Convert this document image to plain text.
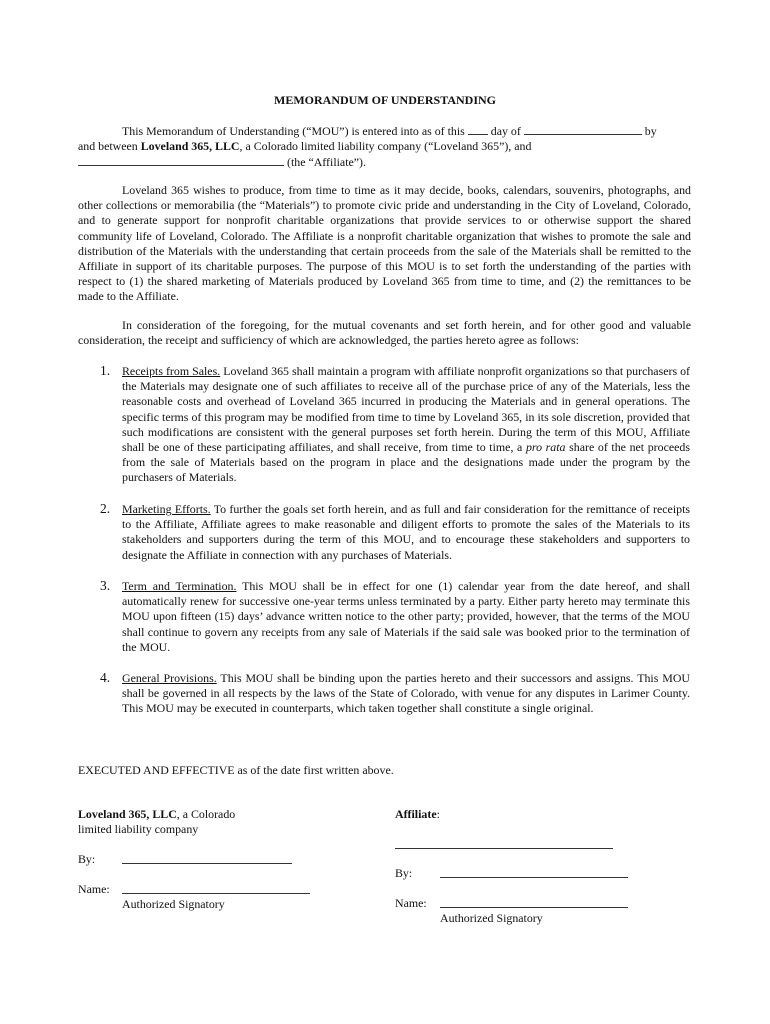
MEMORANDUM OF UNDERSTANDING
This Memorandum of Understanding (“MOU”) is entered into as of this day of	by
and between Loveland 365, LLC, a Colorado limited liability company (“Loveland 365”), and
(the “Affiliate”).
Loveland 365 wishes to produce, from time to time as it may decide, books, calendars, souvenirs, photographs, and other collections or memorabilia (the “Materials”) to promote civic pride and understanding in the City of Loveland, Colorado, and to generate support for nonprofit charitable organizations that provide services to or otherwise support the shared community life of Loveland, Colorado. The Affiliate is a nonprofit charitable organization that wishes to promote the sale and distribution of the Materials with the understanding that certain proceeds from the sale of the Materials shall be remitted to the Affiliate in support of its charitable purposes. The purpose of this MOU is to set forth the understanding of the parties with respect to (1) the shared marketing of Materials produced by Loveland 365 from time to time, and (2) the remittances to be made to the Affiliate.
In consideration of the foregoing, for the mutual covenants and set forth herein, and for other good and valuable consideration, the receipt and sufficiency of which are acknowledged, the parties hereto agree as follows:
1. Receipts from Sales. Loveland 365 shall maintain a program with affiliate nonprofit organizations so that purchasers of the Materials may designate one of such affiliates to receive all of the purchase price of any of the Materials, less the reasonable costs and overhead of Loveland 365 incurred in producing the Materials and in general operations. The specific terms of this program may be modified from time to time by Loveland 365, in its sole discretion, provided that such modifications are consistent with the general purposes set forth herein. During the term of this MOU, Affiliate shall be one of these participating affiliates, and shall receive, from time to time, a pro rata share of the net proceeds from the sale of Materials based on the program in place and the designations made under the program by the purchasers of Materials.
2. Marketing Efforts. To further the goals set forth herein, and as full and fair consideration for the remittance of receipts to the Affiliate, Affiliate agrees to make reasonable and diligent efforts to promote the sales of the Materials to its stakeholders and supporters during the term of this MOU, and to encourage these stakeholders and supporters to designate the Affiliate in connection with any purchases of Materials.
3. Term and Termination. This MOU shall be in effect for one (1) calendar year from the date hereof, and shall automatically renew for successive one-year terms unless terminated by a party. Either party hereto may terminate this MOU upon fifteen (15) days’ advance written notice to the other party; provided, however, that the terms of the MOU shall continue to govern any receipts from any sale of Materials if the said sale was booked prior to the termination of the MOU.
4. General Provisions. This MOU shall be binding upon the parties hereto and their successors and assigns. This MOU shall be governed in all respects by the laws of the State of Colorado, with venue for any disputes in Larimer County. This MOU may be executed in counterparts, which taken together shall constitute a single original.
EXECUTED AND EFFECTIVE as of the date first written above.
Loveland 365, LLC, a Colorado
limited liability company
By:
Name:
Authorized Signatory
Affiliate:
By:
Name:
Authorized Signatory
